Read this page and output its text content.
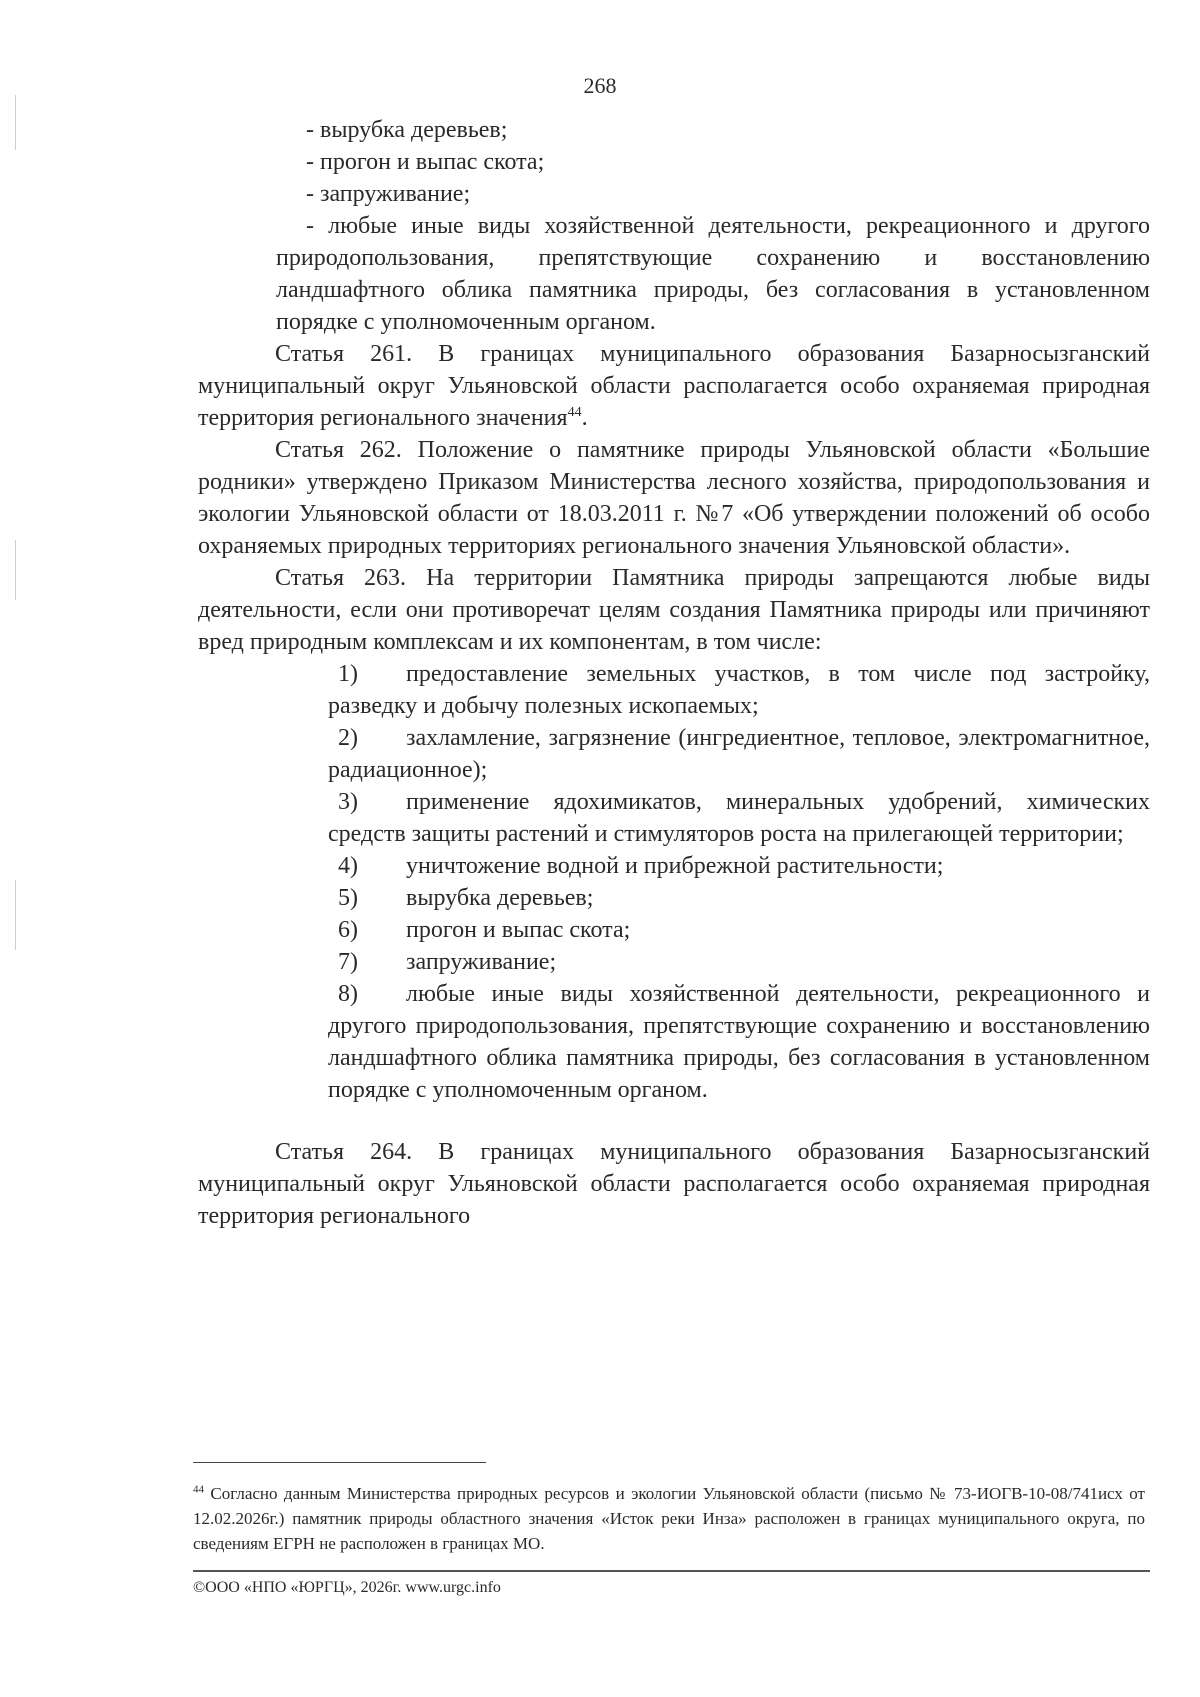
268

- вырубка деревьев;

- прогон и выпас скота;

- запруживание;

- любые иные виды хозяйственной деятельности, рекреационного и другого природопользования, препятствующие сохранению и восстановлению ландшафтного облика памятника природы, без согласования в установленном порядке с уполномоченным органом.

Статья 261. В границах муниципального образования Базарносызганский муниципальный округ Ульяновской области располагается особо охраняемая природная территория регионального значения$^{44}$.

Статья 262. Положение о памятнике природы Ульяновской области «Большие родники» утверждено Приказом Министерства лесного хозяйства, природопользования и экологии Ульяновской области от 18.03.2011 г. №7 «Об утверждении положений об особо охраняемых природных территориях регионального значения Ульяновской области».

Статья 263. На территории Памятника природы запрещаются любые виды деятельности, если они противоречат целям создания Памятника природы или причиняют вред природным комплексам и их компонентам, в том числе:

1) предоставление земельных участков, в том числе под застройку, разведку и добычу полезных ископаемых;

2) захламление, загрязнение (ингредиентное, тепловое, электромагнитное, радиационное);

3) применение ядохимикатов, минеральных удобрений, химических средств защиты растений и стимуляторов роста на прилегающей территории;

4) уничтожение водной и прибрежной растительности;

5) вырубка деревьев;

6) прогон и выпас скота;

7) запруживание;

8) любые иные виды хозяйственной деятельности, рекреационного и другого природопользования, препятствующие сохранению и восстановлению ландшафтного облика памятника природы, без согласования в установленном порядке с уполномоченным органом.

Статья 264. В границах муниципального образования Базарносызганский муниципальный округ Ульяновской области располагается особо охраняемая природная территория регионального

$^{44}$ Согласно данным Министерства природных ресурсов и экологии Ульяновской области (письмо № 73-ИОГВ-10-08/741исх от 12.02.2026г.) памятник природы областного значения «Исток реки Инза» расположен в границах муниципального округа, по сведениям ЕГРН не расположен в границах МО.
©ООО «НПО «ЮРГЦ», 2026г. www.urgc.info
